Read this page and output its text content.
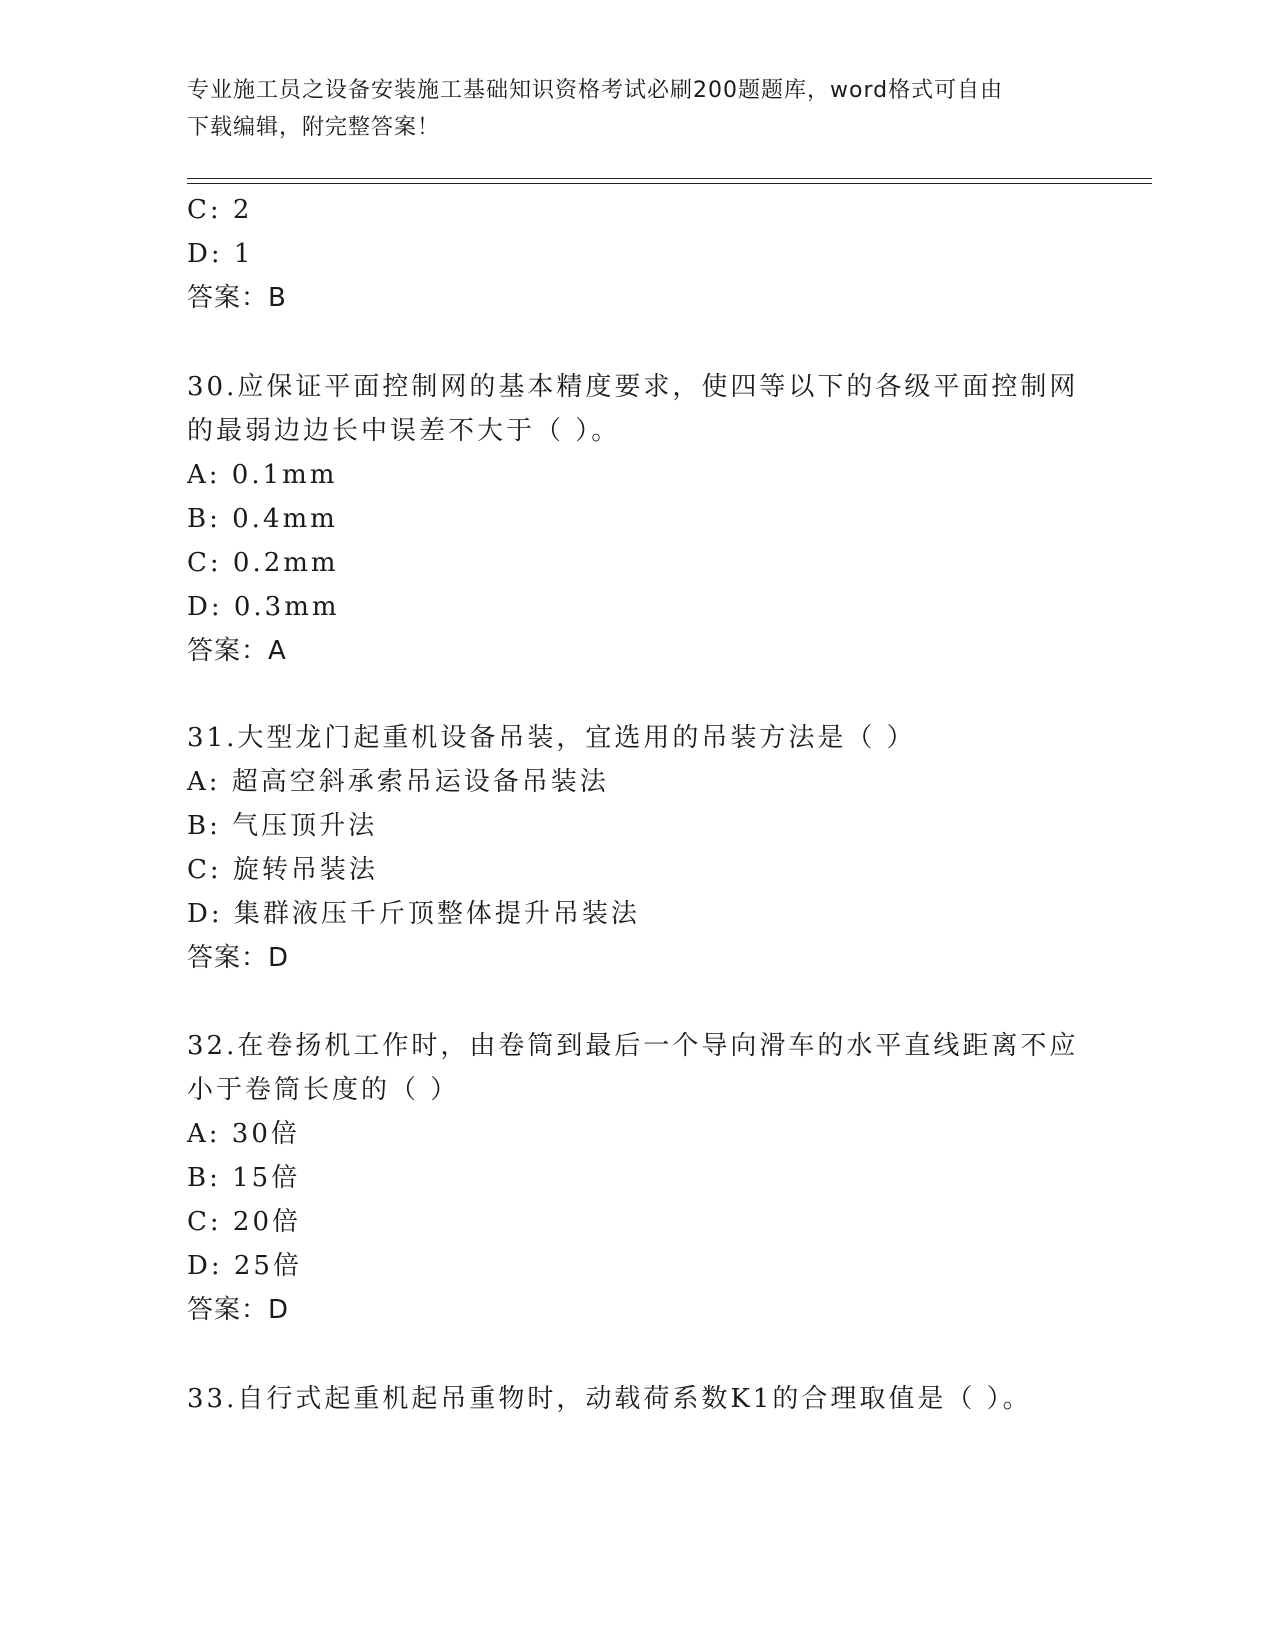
专业施工员之设备安装施工基础知识资格考试必刷200题题库，word格式可自由
下载编辑，附完整答案！
C: 2
D: 1
答案：B
30.应保证平面控制网的基本精度要求，使四等以下的各级平面控制网
的最弱边边长中误差不大于（ ）。
A: 0.1mm
B: 0.4mm
C: 0.2mm
D: 0.3mm
答案：A
31.大型龙门起重机设备吊装，宜选用的吊装方法是（ ）
A: 超高空斜承索吊运设备吊装法
B: 气压顶升法
C: 旋转吊装法
D: 集群液压千斤顶整体提升吊装法
答案：D
32.在卷扬机工作时，由卷筒到最后一个导向滑车的水平直线距离不应
小于卷筒长度的（ ）
A: 30倍
B: 15倍
C: 20倍
D: 25倍
答案：D
33.自行式起重机起吊重物时，动载荷系数K1的合理取值是（ ）。
